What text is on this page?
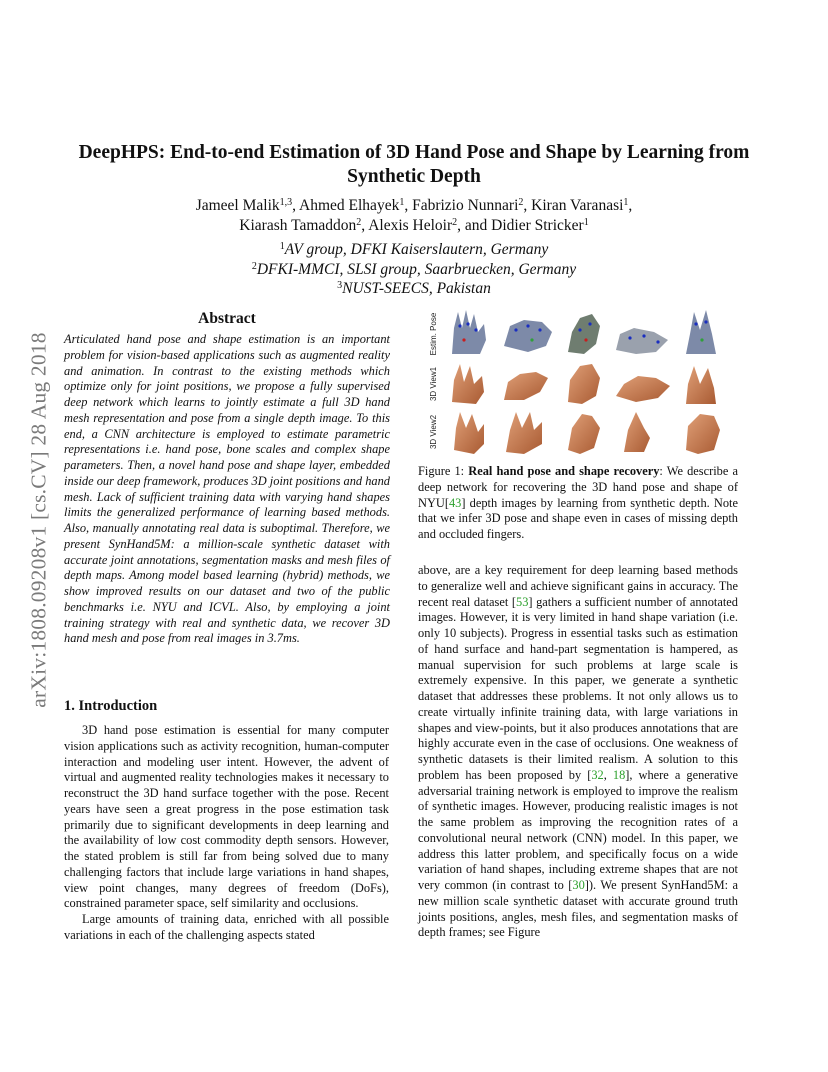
arXiv:1808.09208v1 [cs.CV] 28 Aug 2018
DeepHPS: End-to-end Estimation of 3D Hand Pose and Shape by Learning from Synthetic Depth
Jameel Malik$^{1,3}$, Ahmed Elhayek$^1$, Fabrizio Nunnari$^2$, Kiran Varanasi$^1$,
Kiarash Tamaddon$^2$, Alexis Heloir$^2$, and Didier Stricker$^1$
$^1$AV group, DFKI Kaiserslautern, Germany
$^2$DFKI-MMCI, SLSI group, Saarbruecken, Germany
$^3$NUST-SEECS, Pakistan
Abstract

Articulated hand pose and shape estimation is an important problem for vision-based applications such as augmented reality and animation. In contrast to the existing methods which optimize only for joint positions, we propose a fully supervised deep network which learns to jointly estimate a full 3D hand mesh representation and pose from a single depth image. To this end, a CNN architecture is employed to estimate parametric representations i.e. hand pose, bone scales and complex shape parameters. Then, a novel hand pose and shape layer, embedded inside our deep framework, produces 3D joint positions and hand mesh. Lack of sufficient training data with varying hand shapes limits the generalized performance of learning based methods. Also, manually annotating real data is suboptimal. Therefore, we present SynHand5M: a million-scale synthetic dataset with accurate joint annotations, segmentation masks and mesh files of depth maps. Among model based learning (hybrid) methods, we show improved results on our dataset and two of the public benchmarks i.e. NYU and ICVL. Also, by employing a joint training strategy with real and synthetic data, we recover 3D hand mesh and pose from real images in 3.7ms.

1. Introduction

3D hand pose estimation is essential for many computer vision applications such as activity recognition, human-computer interaction and modeling user intent. However, the advent of virtual and augmented reality technologies makes it necessary to reconstruct the 3D hand surface together with the pose. Recent years have seen a great progress in the pose estimation task primarily due to significant developments in deep learning and the availability of low cost commodity depth sensors. However, the stated problem is still far from being solved due to many challenging factors that include large variations in hand shapes, view point changes, many degrees of freedom (DoFs), constrained parameter space, self similarity and occlusions.

Large amounts of training data, enriched with all possible variations in each of the challenging aspects stated

Estim. Pose
3D View1
3D View2

Figure 1: Real hand pose and shape recovery: We describe a deep network for recovering the 3D hand pose and shape of NYU[43] depth images by learning from synthetic depth. Note that we infer 3D pose and shape even in cases of missing depth and occluded fingers.

above, are a key requirement for deep learning based methods to generalize well and achieve significant gains in accuracy. The recent real dataset [53] gathers a sufficient number of annotated images. However, it is very limited in hand shape variation (i.e. only 10 subjects). Progress in essential tasks such as estimation of hand surface and hand-part segmentation is hampered, as manual supervision for such problems at large scale is extremely expensive. In this paper, we generate a synthetic dataset that addresses these problems. It not only allows us to create virtually infinite training data, with large variations in shapes and view-points, but it also produces annotations that are highly accurate even in the case of occlusions. One weakness of synthetic datasets is their limited realism. A solution to this problem has been proposed by [32, 18], where a generative adversarial training network is employed to improve the realism of synthetic images. However, producing realistic images is not the same problem as improving the recognition rates of a convolutional neural network (CNN) model. In this paper, we address this latter problem, and specifically focus on a wide variation of hand shapes, including extreme shapes that are not very common (in contrast to [30]). We present SynHand5M: a new million scale synthetic dataset with accurate ground truth joints positions, angles, mesh files, and segmentation masks of depth frames; see Figure
